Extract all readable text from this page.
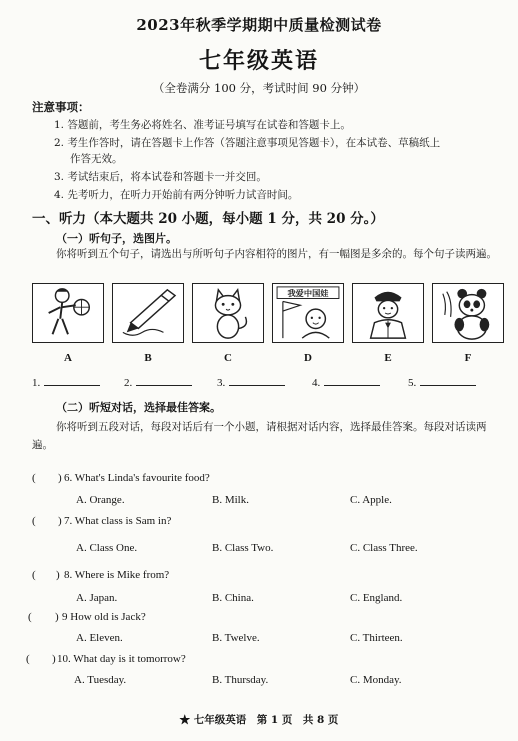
2023年秋季学期期中质量检测试卷
七年级英语
（全卷满分 100 分，考试时间 90 分钟）
注意事项：
1. 答题前，考生务必将姓名、准考证号填写在试卷和答题卡上。
2. 考生作答时，请在答题卡上作答（答题注意事项见答题卡），在本试卷、草稿纸上
作答无效。
3. 考试结束后，将本试卷和答题卡一并交回。
4. 先考听力，在听力开始前有两分钟听力试音时间。
一、听力（本大题共 20 小题，每小题 1 分，共 20 分。）
（一）听句子，选图片。
你将听到五个句子，请选出与所听句子内容相符的图片，有一幅图是多余的。每个句子读两遍。
我爱中国娃
A	B	C	D	E	F
1.	2.	3.	4.	5.
（二）听短对话，选择最佳答案。
你将听到五段对话，每段对话后有一个小题，请根据对话内容，选择最佳答案。每段对话读两遍。
( ) 6. What's Linda's favourite food?
A. Orange.	B. Milk.	C. Apple.
( ) 7. What class is Sam in?
A. Class One.	B. Class Two.	C. Class Three.
( ) 8. Where is Mike from?
A. Japan.	B. China.	C. England.
( ) 9 How old is Jack?
A. Eleven.	B. Twelve.	C. Thirteen.
( ) 10. What day is it tomorrow?
A. Tuesday.	B. Thursday.	C. Monday.
★ 七年级英语　第 1 页　共 8 页
